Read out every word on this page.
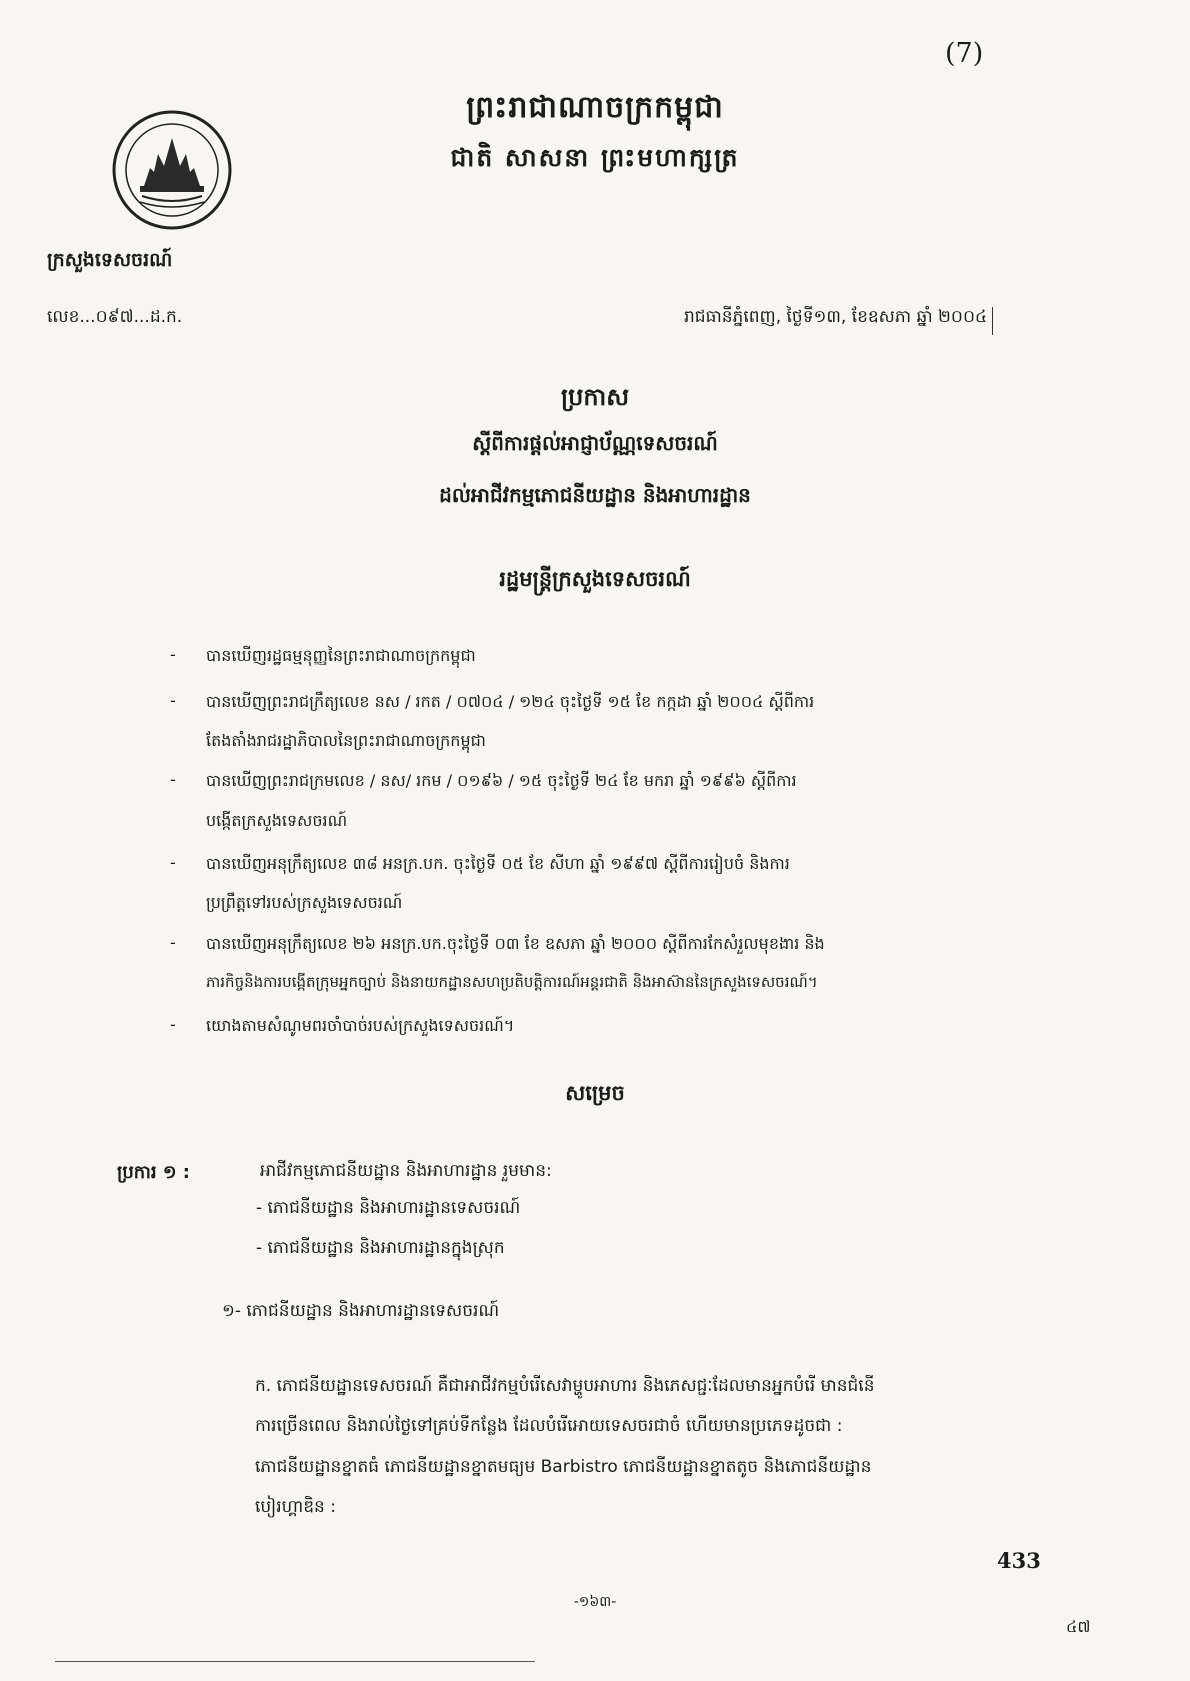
(7)
ព្រះរាជាណាចក្រកម្ពុជា
ជាតិ សាសនា ព្រះមហាក្សត្រ
ក្រសួងទេសចរណ៍
លេខ...០៩៧...ដ.ក.	រាជធានីភ្នំពេញ, ថ្ងៃទី១៣, ខែឧសភា ឆ្នាំ ២០០៤
ប្រកាស
ស្តីពីការផ្តល់អាជ្ញាប័ណ្ណទេសចរណ៍
ដល់អាជីវកម្មភោជនីយដ្ឋាន និងអាហារដ្ឋាន
រដ្ឋមន្ត្រីក្រសួងទេសចរណ៍
- បានឃើញរដ្ឋធម្មនុញ្ញនៃព្រះរាជាណាចក្រកម្ពុជា
- បានឃើញព្រះរាជក្រឹត្យលេខ នស / រកត / ០៧០៤ / ១២៤ ចុះថ្ងៃទី ១៥ ខែ កក្កដា ឆ្នាំ ២០០៤ ស្តីពីការ
តែងតាំងរាជរដ្ឋាភិបាលនៃព្រះរាជាណាចក្រកម្ពុជា
- បានឃើញព្រះរាជក្រមលេខ / នស/ រកម / ០១៩៦ / ១៥ ចុះថ្ងៃទី ២៤ ខែ មករា ឆ្នាំ ១៩៩៦ ស្តីពីការ
បង្កើតក្រសួងទេសចរណ៍
- បានឃើញអនុក្រឹត្យលេខ ៣៨ អនក្រ.បក. ចុះថ្ងៃទី ០៥ ខែ សីហា ឆ្នាំ ១៩៩៧ ស្តីពីការរៀបចំ និងការ
ប្រព្រឹត្តទៅរបស់ក្រសួងទេសចរណ៍
- បានឃើញអនុក្រឹត្យលេខ ២៦ អនក្រ.បក.ចុះថ្ងៃទី ០៣ ខែ ឧសភា ឆ្នាំ ២០០០ ស្តីពីការកែសំរួលមុខងារ និង
ភារកិច្ចនិងការបង្កើតក្រុមអ្នកច្បាប់ និងនាយកដ្ឋានសហប្រតិបត្តិការណ៍អន្តរជាតិ និងអាស៊ាននៃក្រសួងទេសចរណ៍។
- យោងតាមសំណូមពរចាំបាច់របស់ក្រសួងទេសចរណ៍។
សម្រេច
ប្រការ ១ :	អាជីវកម្មភោជនីយដ្ឋាន និងអាហារដ្ឋាន រួមមាន:
- ភោជនីយដ្ឋាន និងអាហារដ្ឋានទេសចរណ៍
- ភោជនីយដ្ឋាន និងអាហារដ្ឋានក្នុងស្រុក
១- ភោជនីយដ្ឋាន និងអាហារដ្ឋានទេសចរណ៍
ក. ភោជនីយដ្ឋានទេសចរណ៍ គឺជាអាជីវកម្មបំរើសេវាម្ហូបអាហារ និងភេសជ្ជៈដែលមានអ្នកបំរើ មានជំនើ
ការច្រើនពេល និងរាល់ថ្ងៃទៅគ្រប់ទីកន្លែង ដែលបំរើអោយទេសចរជាចំ ហើយមានប្រភេទដូចជា :
ភោជនីយដ្ឋានខ្នាតធំ ភោជនីយដ្ឋានខ្នាតមធ្យម Barbistro ភោជនីយដ្ឋានខ្នាតតូច និងភោជនីយដ្ឋាន
បៀរហ្គាឌិន :
433
-១៦៣-
៤៧
